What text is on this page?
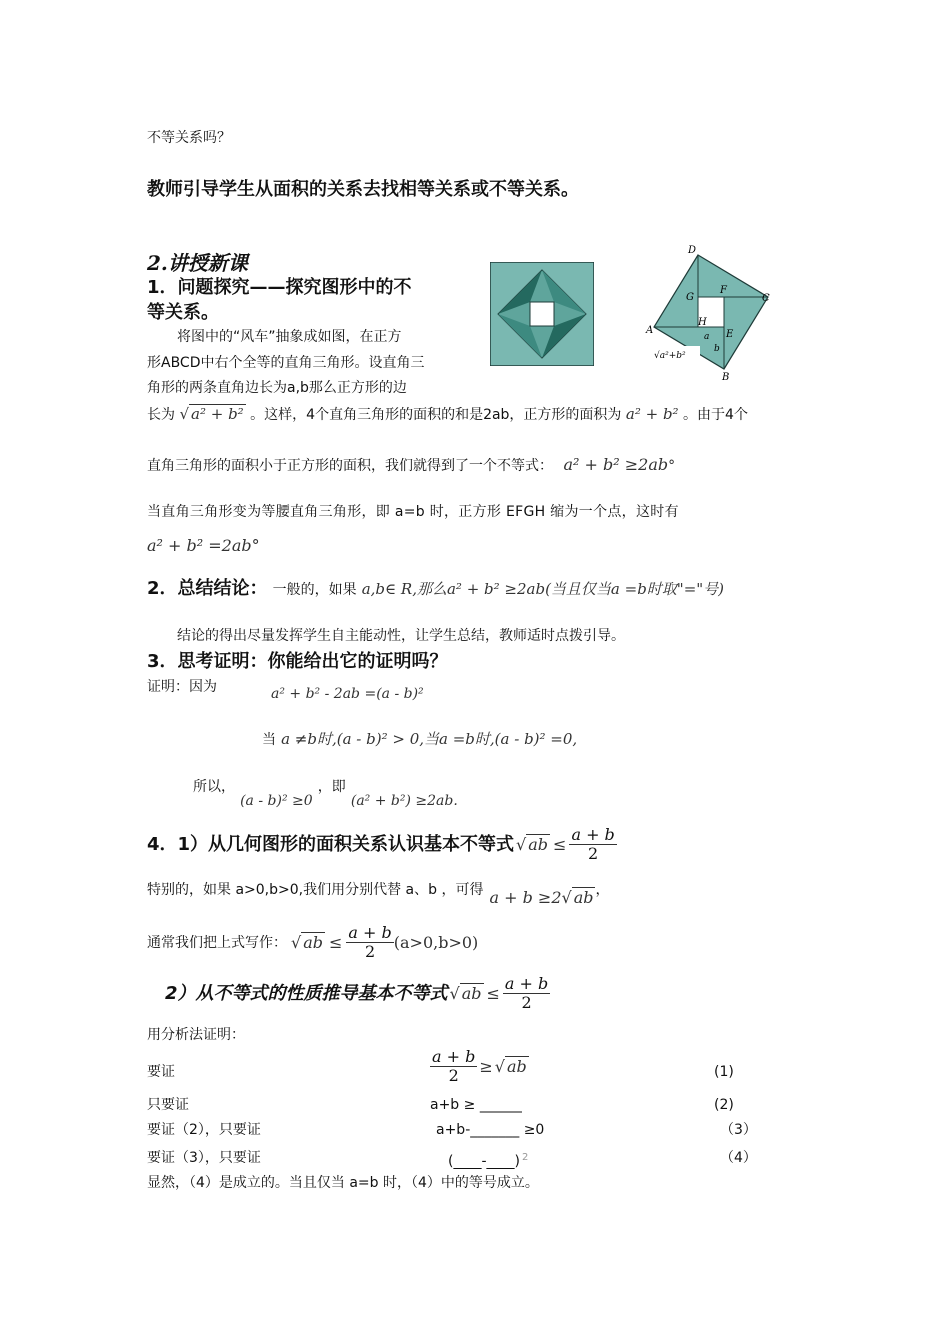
不等关系吗？
教师引导学生从面积的关系去找相等关系或不等关系。
2.讲授新课
1．问题探究——探究图形中的不
等关系。
将图中的“风车”抽象成如图，在正方
形ABCD中右个全等的直角三角形。设直角三
角形的两条直角边长为a,b那么正方形的边
D
G
F
C
A
H
E
a
b
B
√a²+b²
长为 √ a² + b² 。这样，4个直角三角形的面积的和是2ab，正方形的面积为 a² + b² 。由于4个
直角三角形的面积小于正方形的面积，我们就得到了一个不等式： a² + b² ≥2ab°
当直角三角形变为等腰直角三角形，即 a=b 时，正方形 EFGH 缩为一个点，这时有
a² + b² =2ab°
2．总结结论： 一般的，如果 a,b∈ R,那么a² + b² ≥2ab(当且仅当a =b时取"="号)
结论的得出尽量发挥学生自主能动性，让学生总结，教师适时点拨引导。
3．思考证明：你能给出它的证明吗？
证明：因为	a² + b² - 2ab =(a - b)²
当 a ≠b时,(a - b)² > 0,当a =b时,(a - b)² =0,
所以， (a - b)² ≥0 ，即 (a² + b²) ≥2ab.
4．1）从几何图形的面积关系认识基本不等式 √ ab ≤ $\frac{a + b}{2}$
特别的，如果 a>0,b>0,我们用分别代替 a、b ，可得 a + b ≥2 √ ab ，
通常我们把上式写作： √ ab ≤ $\frac{a + b}{2} (a>0,b>0)$
2）从不等式的性质推导基本不等式 √ ab ≤ $\frac{a + b}{2}$
用分析法证明：
要证	$\frac{a + b}{2}$ ≥ √ ab	(1)
只要证	a+b ≥ ______	(2)
要证（2），只要证	a+b-_______ ≥0	（3）
要证（3），只要证	(____-____) $^2$	（4）
显然，（4）是成立的。当且仅当 a=b 时，（4）中的等号成立。
